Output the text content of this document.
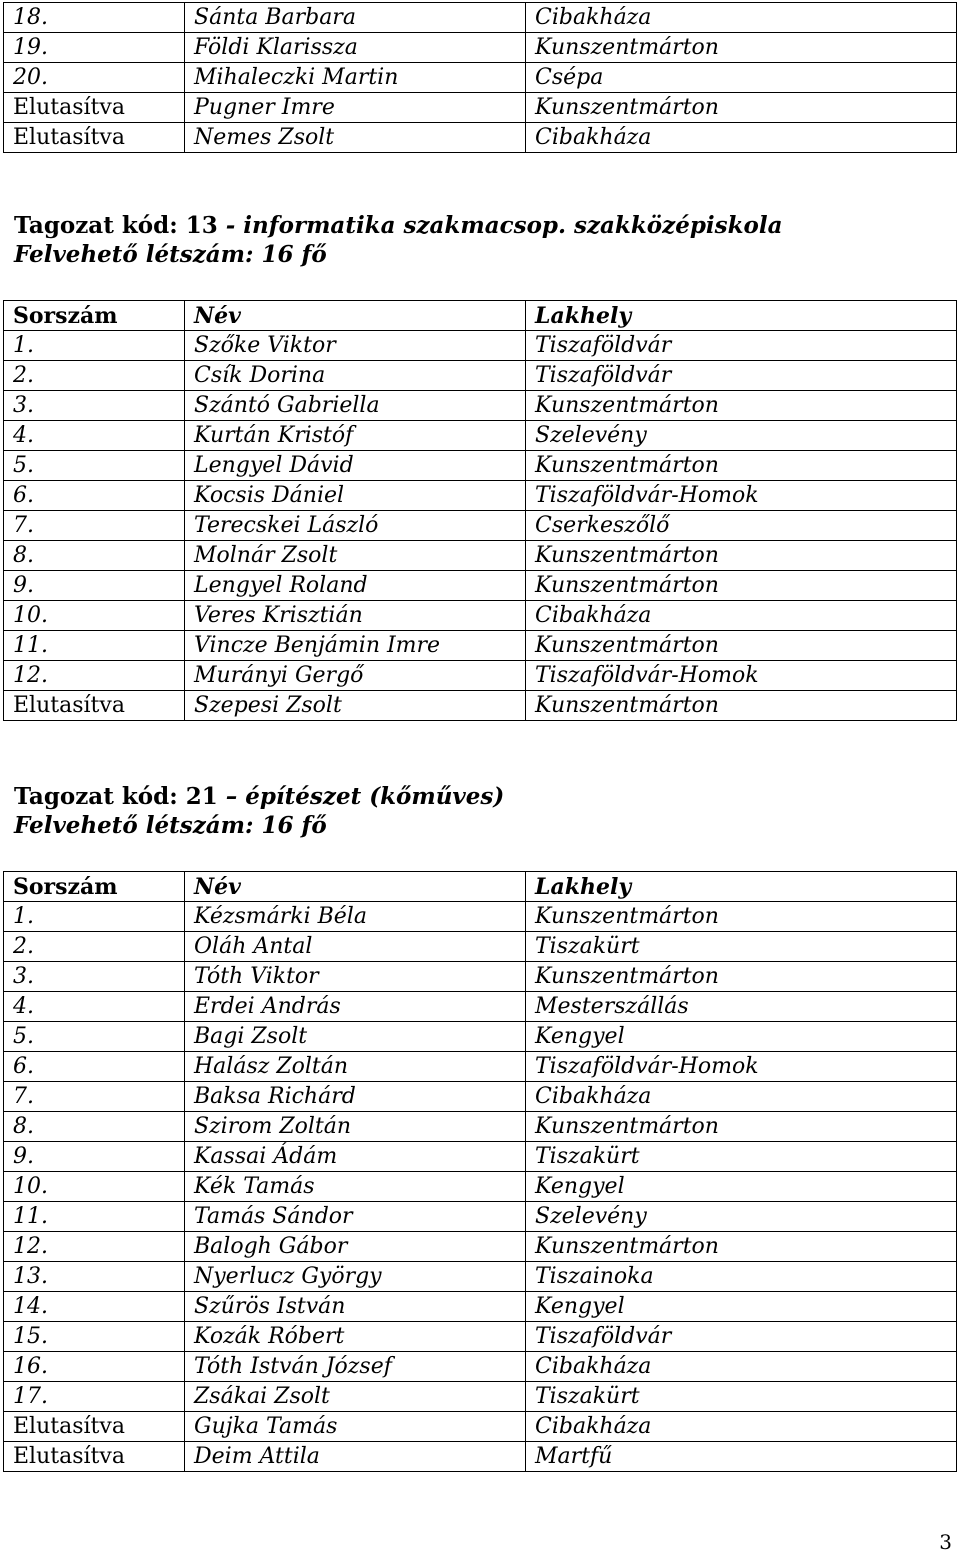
18.	Sánta Barbara	Cibakháza
19.	Földi Klarissza	Kunszentmárton
20.	Mihaleczki Martin	Csépa
Elutasítva	Pugner Imre	Kunszentmárton
Elutasítva	Nemes Zsolt	Cibakháza
Tagozat kód: 13 - informatika szakmacsop. szakközépiskola
Felvehető létszám: 16 fő
Sorszám	Név	Lakhely
1.	Szőke Viktor	Tiszaföldvár
2.	Csík Dorina	Tiszaföldvár
3.	Szántó Gabriella	Kunszentmárton
4.	Kurtán Kristóf	Szelevény
5.	Lengyel Dávid	Kunszentmárton
6.	Kocsis Dániel	Tiszaföldvár-Homok
7.	Terecskei László	Cserkeszőlő
8.	Molnár Zsolt	Kunszentmárton
9.	Lengyel Roland	Kunszentmárton
10.	Veres Krisztián	Cibakháza
11.	Vincze Benjámin Imre	Kunszentmárton
12.	Murányi Gergő	Tiszaföldvár-Homok
Elutasítva	Szepesi Zsolt	Kunszentmárton
Tagozat kód: 21 – építészet (kőműves)
Felvehető létszám: 16 fő
Sorszám	Név	Lakhely
1.	Kézsmárki Béla	Kunszentmárton
2.	Oláh Antal	Tiszakürt
3.	Tóth Viktor	Kunszentmárton
4.	Erdei András	Mesterszállás
5.	Bagi Zsolt	Kengyel
6.	Halász Zoltán	Tiszaföldvár-Homok
7.	Baksa Richárd	Cibakháza
8.	Szirom Zoltán	Kunszentmárton
9.	Kassai Ádám	Tiszakürt
10.	Kék Tamás	Kengyel
11.	Tamás Sándor	Szelevény
12.	Balogh Gábor	Kunszentmárton
13.	Nyerlucz György	Tiszainoka
14.	Szűrös István	Kengyel
15.	Kozák Róbert	Tiszaföldvár
16.	Tóth István József	Cibakháza
17.	Zsákai Zsolt	Tiszakürt
Elutasítva	Gujka Tamás	Cibakháza
Elutasítva	Deim Attila	Martfű
3
